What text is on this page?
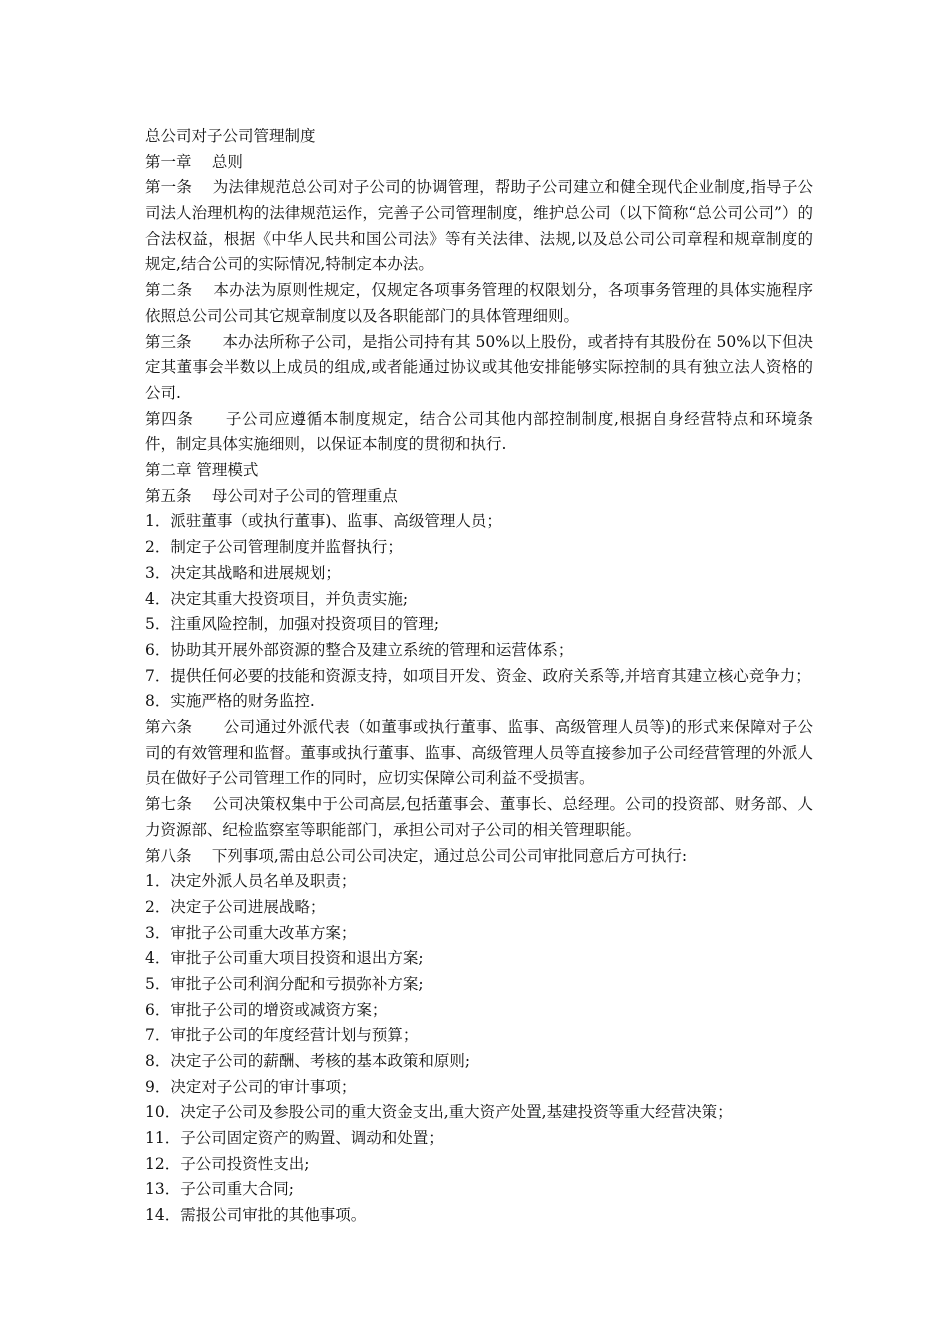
总公司对子公司管理制度
第一章　 总则
第一条　 为法律规范总公司对子公司的协调管理，帮助子公司建立和健全现代企业制度,指导子公司法人治理机构的法律规范运作，完善子公司管理制度，维护总公司（以下简称“总公司公司”）的合法权益，根据《中华人民共和国公司法》等有关法律、法规,以及总公司公司章程和规章制度的规定,结合公司的实际情况,特制定本办法。
第二条　 本办法为原则性规定，仅规定各项事务管理的权限划分，各项事务管理的具体实施程序依照总公司公司其它规章制度以及各职能部门的具体管理细则。
第三条　　本办法所称子公司，是指公司持有其 50%以上股份，或者持有其股份在 50%以下但决定其董事会半数以上成员的组成,或者能通过协议或其他安排能够实际控制的具有独立法人资格的公司.
第四条　　子公司应遵循本制度规定，结合公司其他内部控制制度,根据自身经营特点和环境条件，制定具体实施细则，以保证本制度的贯彻和执行.
第二章 管理模式
第五条　 母公司对子公司的管理重点
1．派驻董事（或执行董事)、监事、高级管理人员；
2．制定子公司管理制度并监督执行；
3．决定其战略和进展规划；
4．决定其重大投资项目，并负责实施;
5．注重风险控制，加强对投资项目的管理;
6．协助其开展外部资源的整合及建立系统的管理和运营体系；
7．提供任何必要的技能和资源支持，如项目开发、资金、政府关系等,并培育其建立核心竞争力；
8．实施严格的财务监控.
第六条　　公司通过外派代表（如董事或执行董事、监事、高级管理人员等)的形式来保障对子公司的有效管理和监督。董事或执行董事、监事、高级管理人员等直接参加子公司经营管理的外派人员在做好子公司管理工作的同时，应切实保障公司利益不受损害。
第七条　 公司决策权集中于公司高层,包括董事会、董事长、总经理。公司的投资部、财务部、人力资源部、纪检监察室等职能部门，承担公司对子公司的相关管理职能。
第八条　 下列事项,需由总公司公司决定，通过总公司公司审批同意后方可执行:
1．决定外派人员名单及职责；
2．决定子公司进展战略；
3．审批子公司重大改革方案；
4．审批子公司重大项目投资和退出方案;
5．审批子公司利润分配和亏损弥补方案;
6．审批子公司的增资或减资方案；
7．审批子公司的年度经营计划与预算；
8．决定子公司的薪酬、考核的基本政策和原则;
9．决定对子公司的审计事项；
10．决定子公司及参股公司的重大资金支出,重大资产处置,基建投资等重大经营决策；
11．子公司固定资产的购置、调动和处置；
12．子公司投资性支出;
13．子公司重大合同;
14．需报公司审批的其他事项。
